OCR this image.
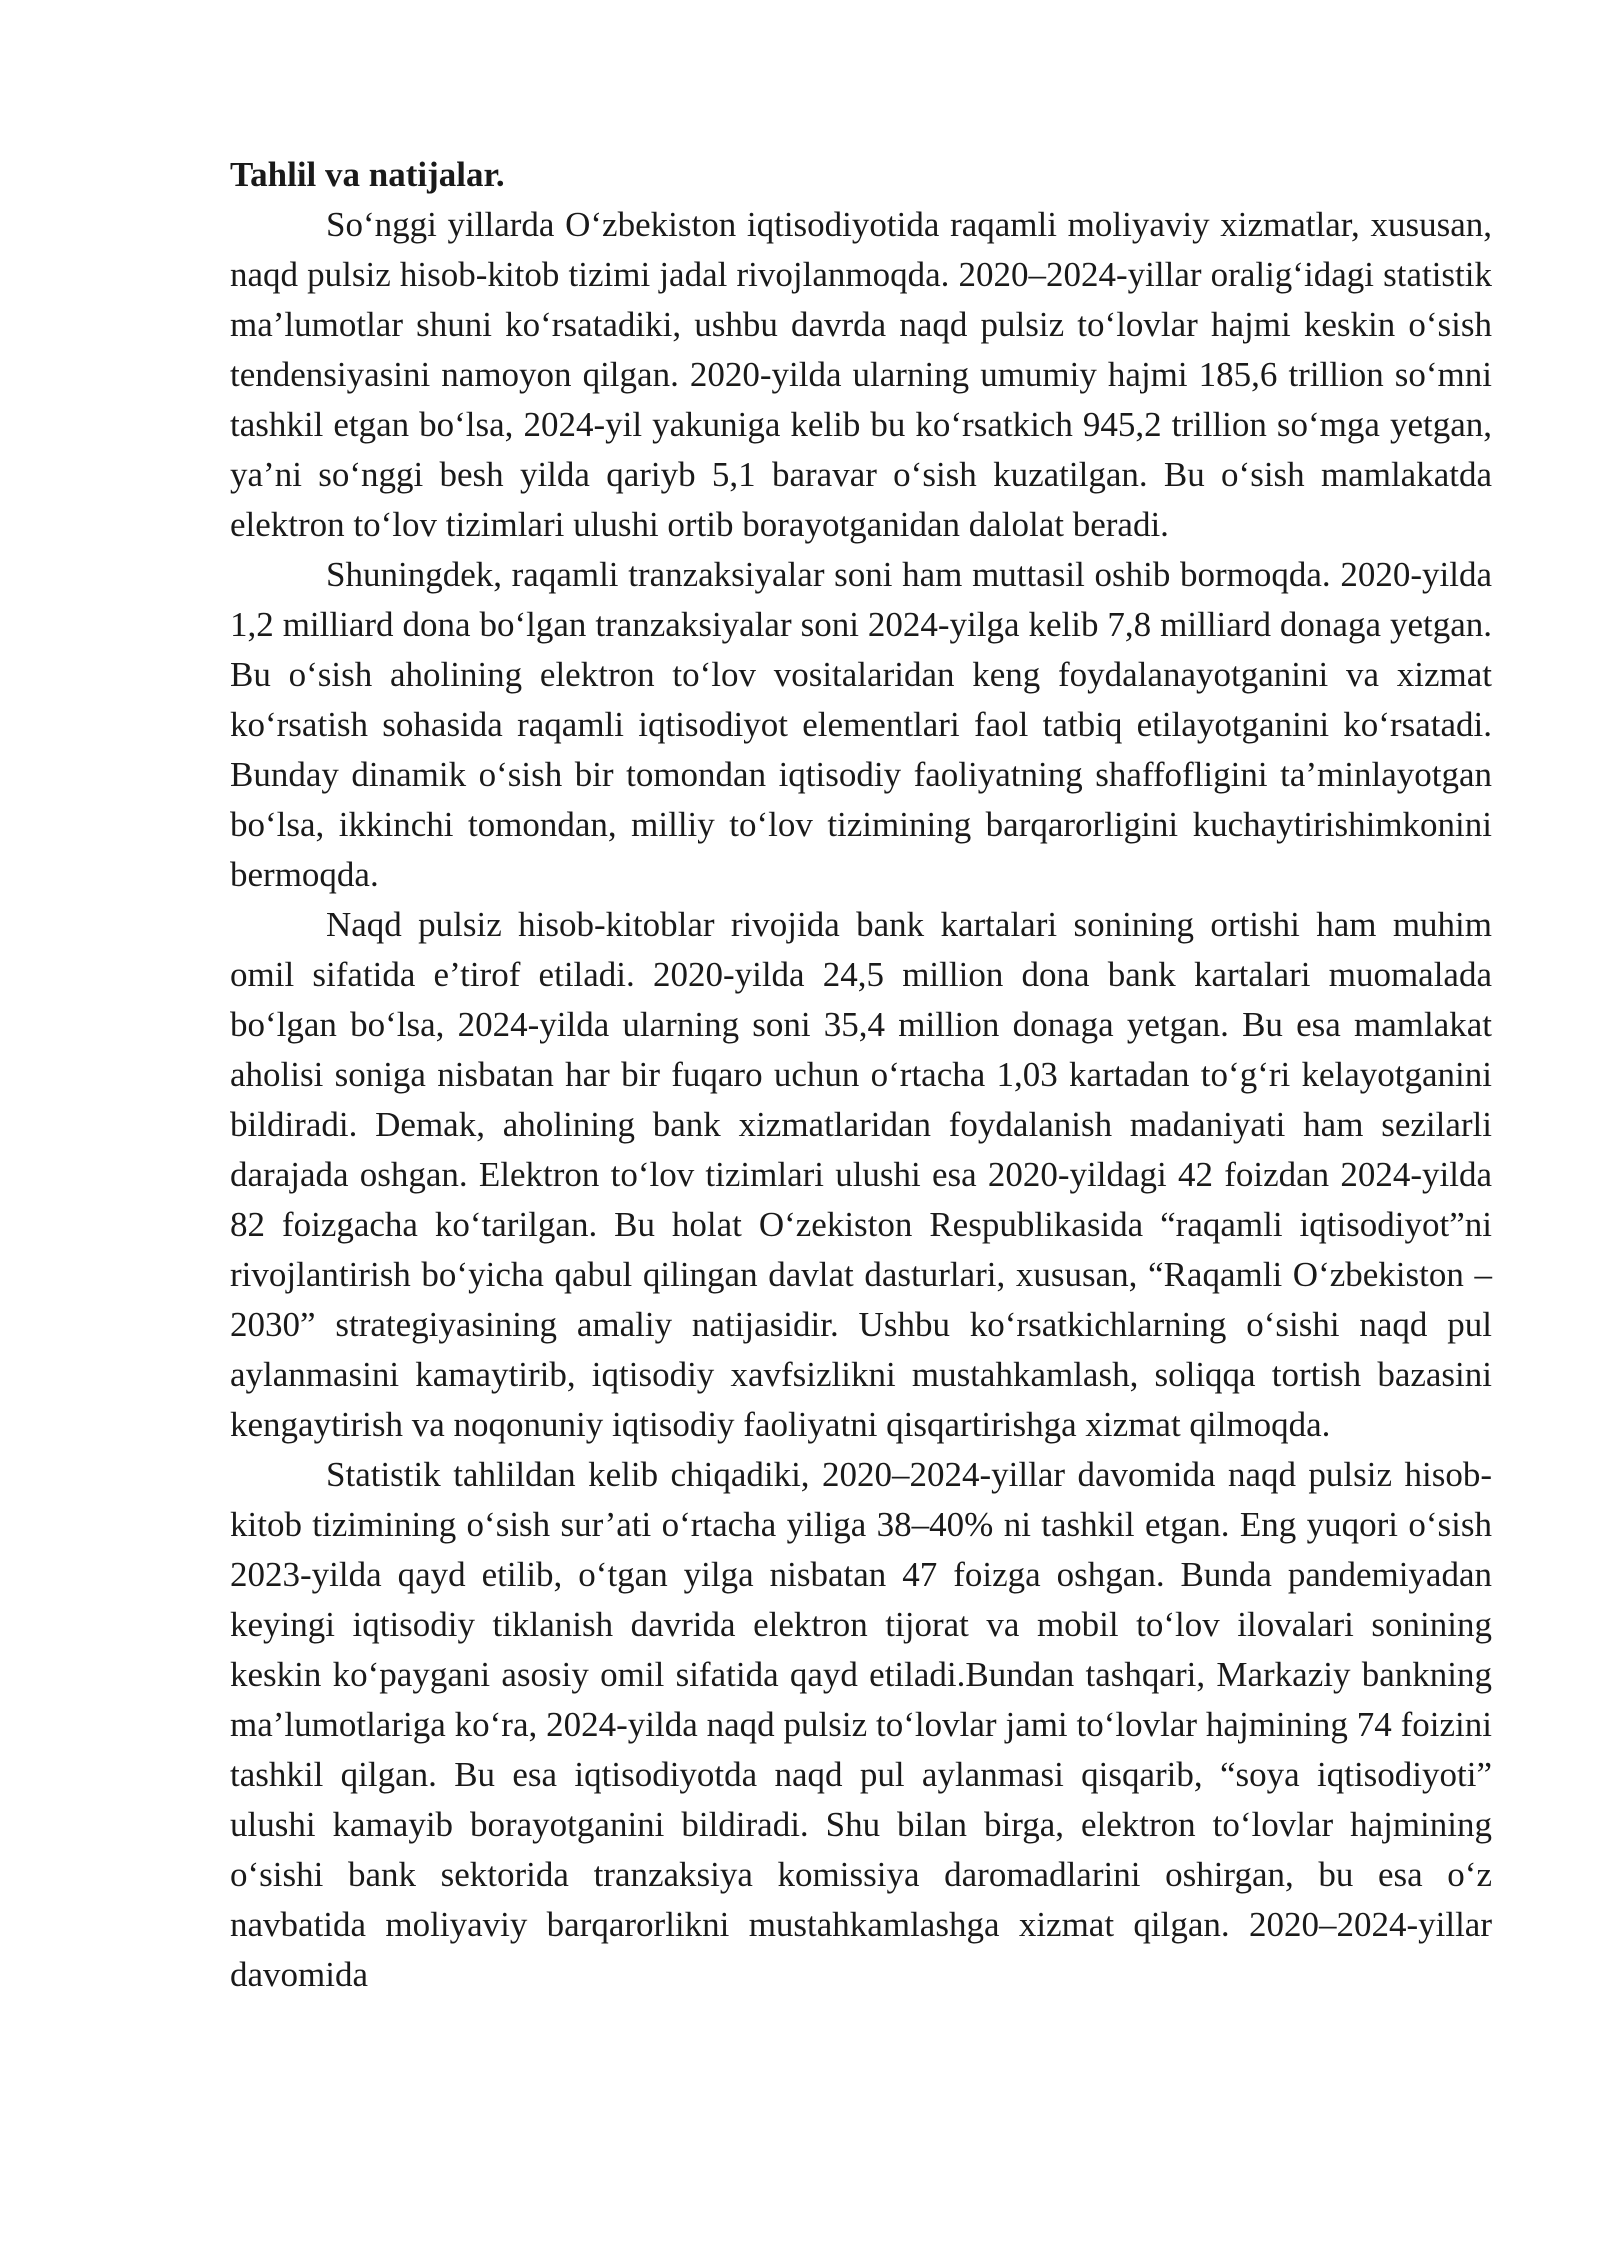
Tahlil va natijalar.

So‘nggi yillarda O‘zbekiston iqtisodiyotida raqamli moliyaviy xizmatlar, xususan, naqd pulsiz hisob-kitob tizimi jadal rivojlanmoqda. 2020–2024-yillar oralig‘idagi statistik ma’lumotlar shuni ko‘rsatadiki, ushbu davrda naqd pulsiz to‘lovlar hajmi keskin o‘sish tendensiyasini namoyon qilgan. 2020-yilda ularning umumiy hajmi 185,6 trillion so‘mni tashkil etgan bo‘lsa, 2024-yil yakuniga kelib bu ko‘rsatkich 945,2 trillion so‘mga yetgan, ya’ni so‘nggi besh yilda qariyb 5,1 baravar o‘sish kuzatilgan. Bu o‘sish mamlakatda elektron to‘lov tizimlari ulushi ortib borayotganidan dalolat beradi.

Shuningdek, raqamli tranzaksiyalar soni ham muttasil oshib bormoqda. 2020-yilda 1,2 milliard dona bo‘lgan tranzaksiyalar soni 2024-yilga kelib 7,8 milliard donaga yetgan. Bu o‘sish aholining elektron to‘lov vositalaridan keng foydalanayotganini va xizmat ko‘rsatish sohasida raqamli iqtisodiyot elementlari faol tatbiq etilayotganini ko‘rsatadi. Bunday dinamik o‘sish bir tomondan iqtisodiy faoliyatning shaffofligini ta’minlayotgan bo‘lsa, ikkinchi tomondan, milliy to‘lov tizimining barqarorligini kuchaytirishimkonini bermoqda.

Naqd pulsiz hisob-kitoblar rivojida bank kartalari sonining ortishi ham muhim omil sifatida e’tirof etiladi. 2020-yilda 24,5 million dona bank kartalari muomalada bo‘lgan bo‘lsa, 2024-yilda ularning soni 35,4 million donaga yetgan. Bu esa mamlakat aholisi soniga nisbatan har bir fuqaro uchun o‘rtacha 1,03 kartadan to‘g‘ri kelayotganini bildiradi. Demak, aholining bank xizmatlaridan foydalanish madaniyati ham sezilarli darajada oshgan. Elektron to‘lov tizimlari ulushi esa 2020-yildagi 42 foizdan 2024-yilda 82 foizgacha ko‘tarilgan. Bu holat O‘zekiston Respublikasida “raqamli iqtisodiyot”ni rivojlantirish bo‘yicha qabul qilingan davlat dasturlari, xususan, “Raqamli O‘zbekiston –2030” strategiyasining amaliy natijasidir. Ushbu ko‘rsatkichlarning o‘sishi naqd pul aylanmasini kamaytirib, iqtisodiy xavfsizlikni mustahkamlash, soliqqa tortish bazasini kengaytirish va noqonuniy iqtisodiy faoliyatni qisqartirishga xizmat qilmoqda.

Statistik tahlildan kelib chiqadiki, 2020–2024-yillar davomida naqd pulsiz hisob-kitob tizimining o‘sish sur’ati o‘rtacha yiliga 38–40% ni tashkil etgan. Eng yuqori o‘sish 2023-yilda qayd etilib, o‘tgan yilga nisbatan 47 foizga oshgan. Bunda pandemiyadan keyingi iqtisodiy tiklanish davrida elektron tijorat va mobil to‘lov ilovalari sonining keskin ko‘paygani asosiy omil sifatida qayd etiladi.Bundan tashqari, Markaziy bankning ma’lumotlariga ko‘ra, 2024-yilda naqd pulsiz to‘lovlar jami to‘lovlar hajmining 74 foizini tashkil qilgan. Bu esa iqtisodiyotda naqd pul aylanmasi qisqarib, “soya iqtisodiyoti” ulushi kamayib borayotganini bildiradi. Shu bilan birga, elektron to‘lovlar hajmining o‘sishi bank sektorida tranzaksiya komissiya daromadlarini oshirgan, bu esa o‘z navbatida moliyaviy barqarorlikni mustahkamlashga xizmat qilgan. 2020–2024-yillar davomida
